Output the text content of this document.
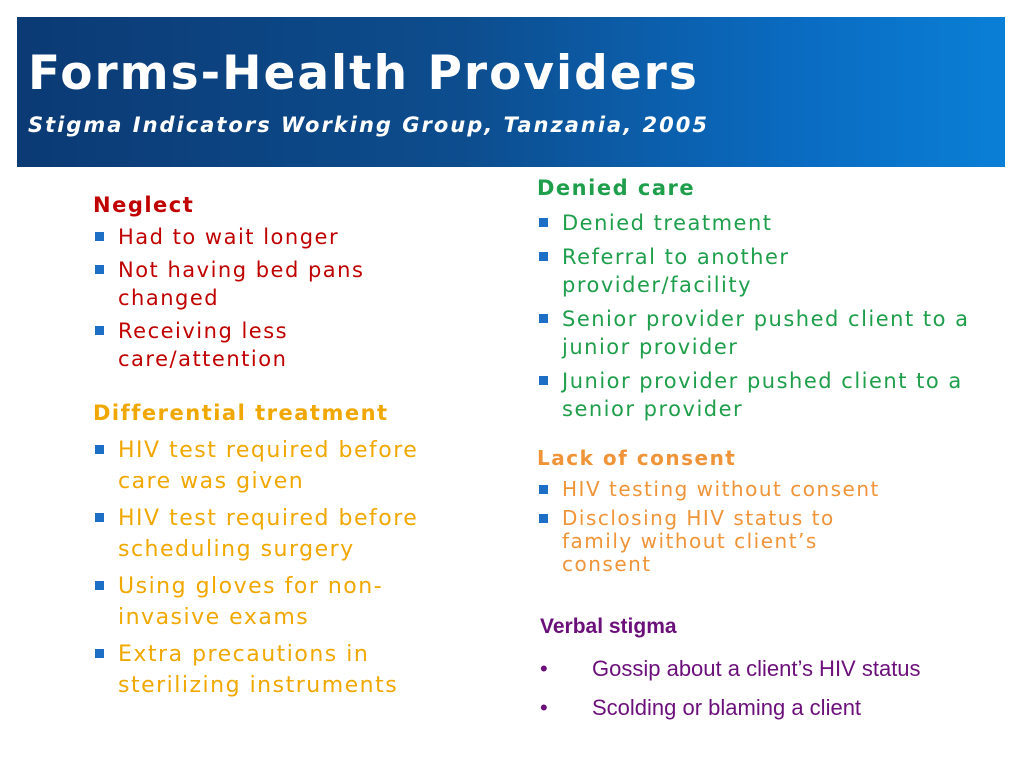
Forms-Health Providers
Stigma Indicators Working Group, Tanzania, 2005
Neglect
Had to wait longer
Not having bed pans changed
Receiving less care/attention
Differential treatment
HIV test required before care was given
HIV test required before scheduling surgery
Using gloves for non-invasive exams
Extra precautions in sterilizing instruments
Denied care
Denied treatment
Referral to another provider/facility
Senior provider pushed client to a junior provider
Junior provider pushed client to a senior provider
Lack of consent
HIV testing without consent
Disclosing HIV status to family without client’s consent
Verbal stigma
• Gossip about a client’s HIV status
• Scolding or blaming a client
